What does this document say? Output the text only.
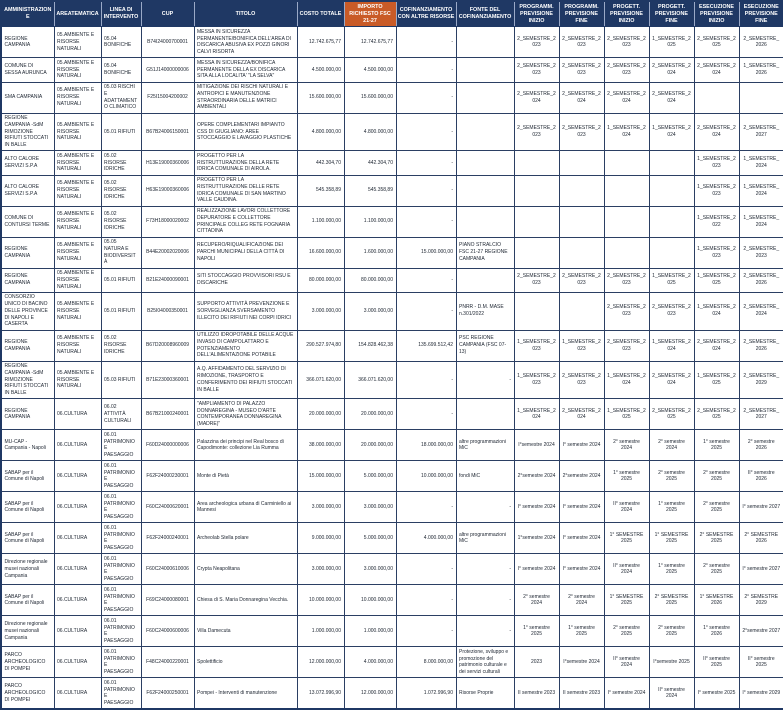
AMMINISTRAZIONE	AREATEMATICA	LINEA DI INTERVENTO	CUP	TITOLO	COSTO TOTALE	IMPORTO RICHIESTO FSC 21-27	COFINANZIAMENTO CON ALTRE RISORSE	FONTE DEL COFINANZIAMENTO	PROGRAMM. PREVISIONE INIZIO	PROGRAMM. PREVISIONE FINE	PROGETT. PREVISIONE INIZIO	PROGETT. PREVISIONE FINE	ESECUZIONE PREVISIONE INIZIO	ESECUZIONE PREVISIONE FINE
REGIONE CAMPANIA	05.AMBIENTE E RISORSE NATURALI	05.04 BONIFICHE	B74I24000700001	MESSA IN SICUREZZA PERMANENTE/BONIFICA DELL'AREA DI DISCARICA ABUSIVA EX POZZI GINORI CALVI RISORTA	12.742.675,77	12.742.675,77	-		2_SEMESTRE_2023	2_SEMESTRE_2023	2_SEMESTRE_2023	1_SEMESTRE_2025	2_SEMESTRE_2025	2_SEMESTRE_2026
COMUNE DI SESSA AURUNCA	05.AMBIENTE E RISORSE NATURALI	05.04 BONIFICHE	G51J14000000006	MESSA IN SICUREZZA/BONIFICA PERMANENTE DELLA EX DISCARICA SITA ALLA LOCALITA' "LA SELVA"	4.500.000,00	4.500.000,00	-		2_SEMESTRE_2023	2_SEMESTRE_2023	2_SEMESTRE_2023	2_SEMESTRE_2024	2_SEMESTRE_2024	1_SEMESTRE_2026
SMA CAMPANIA	05.AMBIENTE E RISORSE NATURALI	05.03 RISCHI E ADATTAMENTO CLIMATICO	F25I15004200002	MITIGAZIONE DEI RISCHI NATURALI E ANTROPICI E MANUTENZIONE STRAORDINARIA DELLE MATRICI AMBIENTALI	15.600.000,00	15.600.000,00	-		2_SEMESTRE_2024	2_SEMESTRE_2024	2_SEMESTRE_2024	2_SEMESTRE_2024		
REGIONE CAMPANIA -SdM RIMOZIONE RIFIUTI STOCCATI IN BALLE	05.AMBIENTE E RISORSE NATURALI	05.01 RIFIUTI	B67B24006150001	OPERE COMPLEMENTARI IMPIANTO CSS DI GIUGLIANO: AREE STOCCAGGIO E LAVAGGIO PLASTICHE	4.800.000,00	4.800.000,00	-		2_SEMESTRE_2023	2_SEMESTRE_2023	1_SEMESTRE_2024	1_SEMESTRE_2024	2_SEMESTRE_2024	2_SEMESTRE_2027
ALTO CALORE SERVIZI S.P.A	05.AMBIENTE E RISORSE NATURALI	05.02 RISORSE IDRICHE	H13E19000360006	PROGETTO PER LA RISTRUTTURAZIONE DELLA RETE IDRICA COMUNALE DI AIROLA.	442.304,70	442.304,70	-						1_SEMESTRE_2023	1_SEMESTRE_2024
ALTO CALORE SERVIZI S.P.A	05.AMBIENTE E RISORSE NATURALI	05.02 RISORSE IDRICHE	H63E19000360006	PROGETTO PER LA RISTRUTTURAZIONE DELLE RETE IDRICA COMUNALE DI SAN MARTINO VALLE CAUDINA.	545.358,89	545.358,89	-						1_SEMESTRE_2023	1_SEMESTRE_2024
COMUNE DI CONTURSI TERME	05.AMBIENTE E RISORSE NATURALI	05.02 RISORSE IDRICHE	F73H18000020002	REALIZZAZIONE LAVORI COLLETTORE DEPURATORE E COLLETTORE PRINCIPALE COLLEG RETE FOGNARIA CITTADINA	1.100.000,00	1.100.000,00	-						1_SEMESTRE_2022	1_SEMESTRE_2024
REGIONE CAMPANIA	05.AMBIENTE E RISORSE NATURALI	05.05 NATURA E BIODIVERSITÀ	B44E20002020006	RECUPERO/RIQUALIFICAZIONE DEI PARCHI MUNICIPALI DELLA CITTÀ DI NAPOLI	16.600.000,00	1.600.000,00	15.000.000,00	PIANO STRALCIO FSC 21-27 REGIONE CAMPANIA					1_SEMESTRE_2023	2_SEMESTRE_2023
REGIONE CAMPANIA	05.AMBIENTE E RISORSE NATURALI	05.01 RIFIUTI	B21E24000090001	SITI STOCCAGGIO PROVVISORI RSU E DISCARICHE	80.000.000,00	80.000.000,00	-		2_SEMESTRE_2023	2_SEMESTRE_2023	2_SEMESTRE_2023	1_SEMESTRE_2025	1_SEMESTRE_2025	2_SEMESTRE_2026
CONSORZIO UNICO DI BACINO DELLE PROVINCE DI NAPOLI E CASERTA	05.AMBIENTE E RISORSE NATURALI	05.01 RIFIUTI	B25I04000350001	SUPPORTO ATTIVITÀ PREVENZIONE E SORVEGLIANZA SVERSAMENTO ILLECITO DEI RIFIUTI NEI CORPI IDRICI	3.000.000,00	3.000.000,00	-	PNRR - D.M. MASE n.301/2022			2_SEMESTRE_2023	2_SEMESTRE_2023	1_SEMESTRE_2024	2_SEMESTRE_2024
REGIONE CAMPANIA	05.AMBIENTE E RISORSE NATURALI	05.02 RISORSE IDRICHE	B67D20008960009	UTILIZZO IDROPOTABILE DELLE ACQUE INVASO DI CAMPOLATTARO E POTENZIAMENTO DELL'ALIMENTAZIONE POTABILE	290.527.974,80	154.828.462,38	135.699.512,42	PSC REGIONE CAMPANIA (FSC 07-13)	1_SEMESTRE_2023	1_SEMESTRE_2023	2_SEMESTRE_2023	1_SEMESTRE_2024	2_SEMESTRE_2024	2_SEMESTRE_2026
REGIONE CAMPANIA -SdM RIMOZIONE RIFIUTI STOCCATI IN BALLE	05.AMBIENTE E RISORSE NATURALI	05.03 RIFIUTI	B71E23000360001	A.Q. AFFIDAMENTO DEL SERVIZIO DI RIMOZIONE, TRASPORTO E CONFERIMENTO DEI RIFIUTI STOCCATI IN BALLE	366.071.620,00	366.071.620,00	-	-	1_SEMESTRE_2023	2_SEMESTRE_2023	1_SEMESTRE_2024	2_SEMESTRE_2024	1_SEMESTRE_2025	2_SEMESTRE_2029
REGIONE CAMPANIA	06.CULTURA	06.02 ATTIVITÀ CULTURALI	B67B21000240001	"AMPLIAMENTO DI PALAZZO DONNAREGINA - MUSEO D'ARTE CONTEMPORANEA DONNAREGINA (MADRE)"	20.000.000,00	20.000.000,00	-		1_SEMESTRE_2024	2_SEMESTRE_2024	1_SEMESTRE_2025	2_SEMESTRE_2025	2_SEMESTRE_2025	2_SEMESTRE_2027
MU-CAP - Campania - Napoli	06.CULTURA	06.01 PATRIMONIO E PAESAGGIO	F60D24000000006	Palazzina dei principi nel Real bosco di Capodimonte: collezione Lia Rumma	38.000.000,00	20.000.000,00	18.000.000,00	altre programmazioni MiC	I°semestre 2024	I° semestre 2024	2° semestre 2024	2° semestre 2024	1° semestre 2025	2° semestre 2026
SABAP per il Comune di Napoli	06.CULTURA	06.01 PATRIMONIO E PAESAGGIO	F62F24000230001	Monte di Pietà	15.000.000,00	5.000.000,00	10.000.000,00	fondi MiC	2°semestre 2024	2°semestre 2024	1° semestre 2025	2° semestre 2025	2° semestre 2025	II° semestre 2026
SABAP per il Comune di Napoli	06.CULTURA	06.01 PATRIMONIO E PAESAGGIO	F60C24000620001	Area archeologica urbana di Carminiello ai Mannesi	3.000.000,00	3.000.000,00	-	-	I° semestre 2024	I° semestre 2024	II° semestre 2024	1° semestre 2025	2° semestre 2025	I° semestre 2027
SABAP per il Comune di Napoli	06.CULTURA	06.01 PATRIMONIO E PAESAGGIO	F62F24000240001	Archeolab Stella polare	9.000.000,00	5.000.000,00	4.000.000,00	altre programmazioni MiC	1°semestre 2024	I° semestre 2024	1° SEMESTRE 2025	1° SEMESTRE 2025	2° SEMESTRE 2025	2° SEMESTRE 2026
Direzione regionale musei nazionali Campania	06.CULTURA	06.01 PATRIMONIO E PAESAGGIO	F60C24000610006	Crypta Neapolitana	3.000.000,00	3.000.000,00	-	-	I° semestre 2024	I° semestre 2024	II° semestre 2024	1° semestre 2025	2° semestre 2025	I° semestre 2027
SABAP per il Comune di Napoli	06.CULTURA	06.01 PATRIMONIO E PAESAGGIO	F69C24000080001	Chiesa di S. Maria Donnaregina Vecchia.	10.000.000,00	10.000.000,00	-	-	2° semestre 2024	2° semestre 2024	1° SEMESTRE 2025	2° SEMESTRE 2025	1° SEMESTRE 2026	2° SEMESTRE 2029
Direzione regionale musei nazionali Campania	06.CULTURA	06.01 PATRIMONIO E PAESAGGIO	F60C24000600006	Villa Damecuta	1.000.000,00	1.000.000,00	-	-	1° semestre 2025	1° semestre 2025	2° semestre 2025	2° semestre 2025	1° semestre 2026	2°semestre 2027
PARCO ARCHEOLOGICO DI POMPEI	06.CULTURA	06.01 PATRIMONIO E PAESAGGIO	F48C24000220001	Spolettificio	12.000.000,00	4.000.000,00	8.000.000,00	Protezione, sviluppo e promozione del patrimonio culturale e dei servizi culturali	2023	I°semestre 2024	II° semestre 2024	I°semestre 2025	II° semestre 2025	II° semestre 2025
PARCO ARCHEOLOGICO DI POMPEI	06.CULTURA	06.01 PATRIMONIO E PAESAGGIO	F62F24000250001	Pompei - Interventi di manutenzione	13.072.996,90	12.000.000,00	1.072.996,90	Risorse Proprie	II semestre 2023	II semestre 2023	I° semestre 2024	II° semestre 2024	I° semestre 2025	I° semestre 2029
